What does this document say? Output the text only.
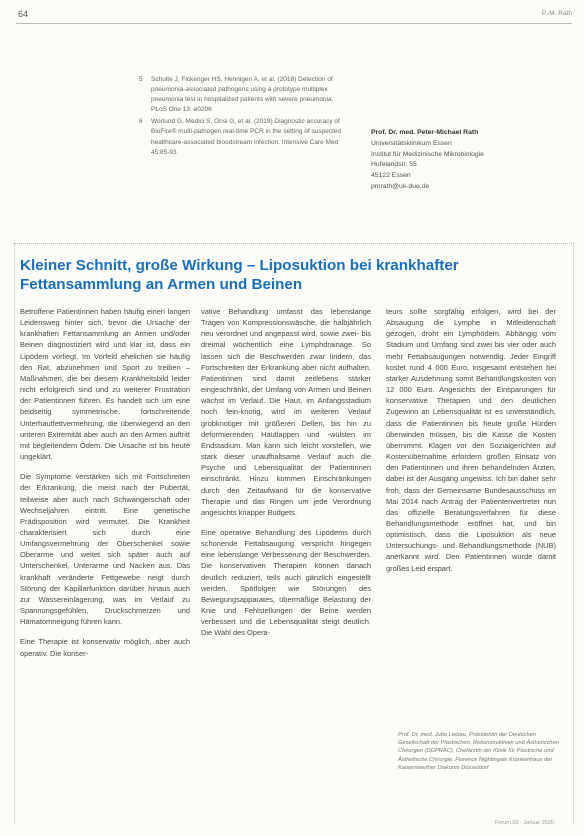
64	P.-M. Rath
5	Schulte J, Fickenger HS, Hennigen A, et al. (2018) Detection of pneumonia-associated pathogens using a prototype multiplex pneumonia test in hospitalized patients with severe pneumonia. PLoS One 13: e0206
6	Worlund G, Medici S, Onsi G, et al. (2019) Diagnostic accuracy of BioFire® multi-pathogen real-time PCR in the setting of suspected healthcare-associated bloodstream infection. Intensive Care Med 45:85-93
Prof. Dr. med. Peter-Michael Rath
Universitätsklinikum Essen
Institut für Medizinische Mikrobiologie
Hufelandstr. 55
45122 Essen
pmrath@uk-due.de
Kleiner Schnitt, große Wirkung – Liposuktion bei krankhafter Fettansammlung an Armen und Beinen

Betroffene Patientinnen haben häufig einen langen Leidensweg hinter sich, bevor die Ursache der krankhaften Fettansammlung an Armen und/oder Beinen diagnostiziert wird und klar ist, dass ein Lipödem vorliegt. Im Vorfeld ehelichen sie häufig den Rat, abzunehmen und Sport zu treiben – Maßnahmen, die bei diesem Krankheitsbild leider nicht erfolgreich sind und zu weiterer Frustration der Patientinnen führen. Es handelt sich um eine beidseitig symmetrische, fortschreitende Unterhautfettvermehrung, die überwiegend an den unteren Extremität aber auch an den Armen auftritt mit begleitendem Ödem. Die Ursache ist bis heute ungeklärt.

Die Symptome verstärken sich mit Fortschreiten der Erkrankung, die meist nach der Pubertät, teilweise aber auch nach Schwangerschaft oder Wechseljahren eintritt. Eine genetische Prädisposition wird vermutet. Die Krankheit charakterisiert sich durch eine Umfangsvermehrung der Oberschenkel sowie Oberarme und weitet sich später auch auf Unterschenkel, Unterarme und Nacken aus. Das krankhaft veränderte Fettgewebe neigt durch Störung der Kapillarfunktion darüber hinaus auch zur Wassereinlagerung, was im Verlauf zu Spannungsgefühlen, Druckschmerzen und Hämatomneigung führen kann.

Eine Therapie ist konservativ möglich, aber auch operativ. Die konser-

vative Behandlung umfasst das lebenslange Tragen von Kompressionswäsche, die halbjährlich neu verordnet und angepasst wird, sowie zwei- bis dreimal wöchentlich eine Lymphdrainage. So lassen sich die Beschwerden zwar lindern, das Fortschreiten der Erkrankung aber nicht aufhalten. Patientinnen sind damit zeitlebens stärker eingeschränkt, der Umfang von Armen und Beinen wächst im Verlauf. Die Haut, im Anfangsstadium noch fein-knotig, wird im weiteren Verlauf grobknotiger mit größeren Dellen, bis hin zu deformierenden Hautlappen und -wülsten im Endstadium. Man kann sich leicht vorstellen, wie stark dieser unaufhaltsame Verlauf auch die Psyche und Lebensqualität der Patientinnen einschränkt. Hinzu kommen Einschränkungen durch den Zeitaufwand für die konservative Therapie und das Ringen um jede Verordnung angesichts knapper Budgets.

Eine operative Behandlung des Lipödems durch schonende Fettabsaugung verspricht hingegen eine lebenslange Verbesserung der Beschwerden. Die konservativen Therapien können danach deutlich reduziert, teils auch gänzlich eingestellt werden. Spätfolgen wie Störungen des Bewegungsapparates, übermäßige Belastung der Knie und Fehlstellungen der Beine werden verbessert und die Lebensqualität steigt deutlich. Die Wahl des Opera-

teurs sollte sorgfältig erfolgen, wird bei der Absaugung die Lymphe in Mitleidenschaft gezogen, droht ein Lymphödem. Abhängig vom Stadium und Umfang sind zwei bis vier oder auch mehr Fettabsaugungen notwendig. Jeder Eingriff kostet rund 4 000 Euro, insgesamt entstehen bei starker Ausdehnung somit Behandlungskosten von 12 000 Euro. Angesichts der Einsparungen für konservative Therapien und den deutlichen Zugewinn an Lebensqualität ist es unverständlich, dass die Patientinnen bis heute große Hürden überwinden müssen, bis die Kasse die Kosten übernimmt. Klagen vor den Sozialgerichten auf Kostenübernahme erfordern großen Einsatz von den Patientinnen und ihren behandelnden Ärzten, dabei ist der Ausgang ungewiss. Ich bin daher sehr froh, dass der Gemeinsame Bundesausschuss im Mai 2014 nach Antrag der Patientenvertreter nun das offizielle Beratungsverfahren für diese Behandlungsmethode eröffnet hat, und bin optimistisch, dass die Liposuktion als neue Untersuchungs- und Behandlungsmethode (NUB) anerkannt wird. Den Patientinnen würde damit großes Leid erspart.

Prof. Dr. med. Jutta Liebau, Präsidentin der Deutschen Gesellschaft der Plastischen, Rekonstruktiven und Ästhetischen Chirurgen (DGPRÄC), Chefärztin der Klinik für Plastische und Ästhetische Chirurgie, Florence Nightingale Krankenhaus der Kaiserswerther Diakonie Düsseldorf
Forum 02 · Januar 2020
